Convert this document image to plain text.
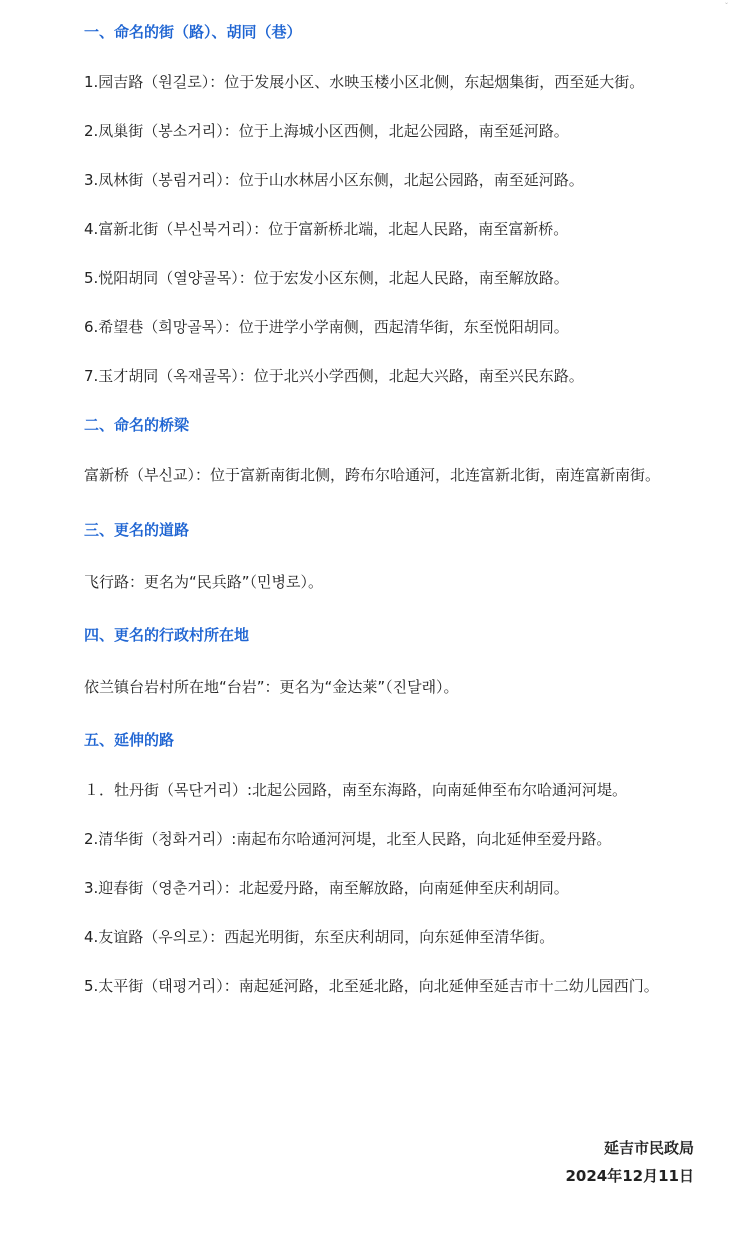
⌄

一、命名的街（路）、胡同（巷）

1.园吉路（원길로）：位于发展小区、水映玉楼小区北侧，东起烟集街，西至延大街。

2.凤巢街（봉소거리）：位于上海城小区西侧，北起公园路，南至延河路。

3.凤林街（봉림거리）：位于山水林居小区东侧，北起公园路，南至延河路。

4.富新北街（부신북거리）：位于富新桥北端，北起人民路，南至富新桥。

5.悦阳胡同（열양골목）：位于宏发小区东侧，北起人民路，南至解放路。

6.希望巷（희망골목）：位于进学小学南侧，西起清华街，东至悦阳胡同。

7.玉才胡同（옥재골목）：位于北兴小学西侧，北起大兴路，南至兴民东路。

二、命名的桥梁

富新桥（부신교）：位于富新南街北侧，跨布尔哈通河，北连富新北街，南连富新南街。

三、更名的道路

飞行路：更名为“民兵路”（민병로）。

四、更名的行政村所在地

依兰镇台岩村所在地“台岩”：更名为“金达莱”（진달래）。

五、延伸的路

１．牡丹街（목단거리）:北起公园路，南至东海路，向南延伸至布尔哈通河河堤。

2.清华街（청화거리）:南起布尔哈通河河堤，北至人民路，向北延伸至爱丹路。

3.迎春街（영춘거리）：北起爱丹路，南至解放路，向南延伸至庆利胡同。

4.友谊路（우의로）：西起光明街，东至庆利胡同，向东延伸至清华街。

5.太平街（태평거리）：南起延河路，北至延北路，向北延伸至延吉市十二幼儿园西门。

延吉市民政局
2024年12月11日
